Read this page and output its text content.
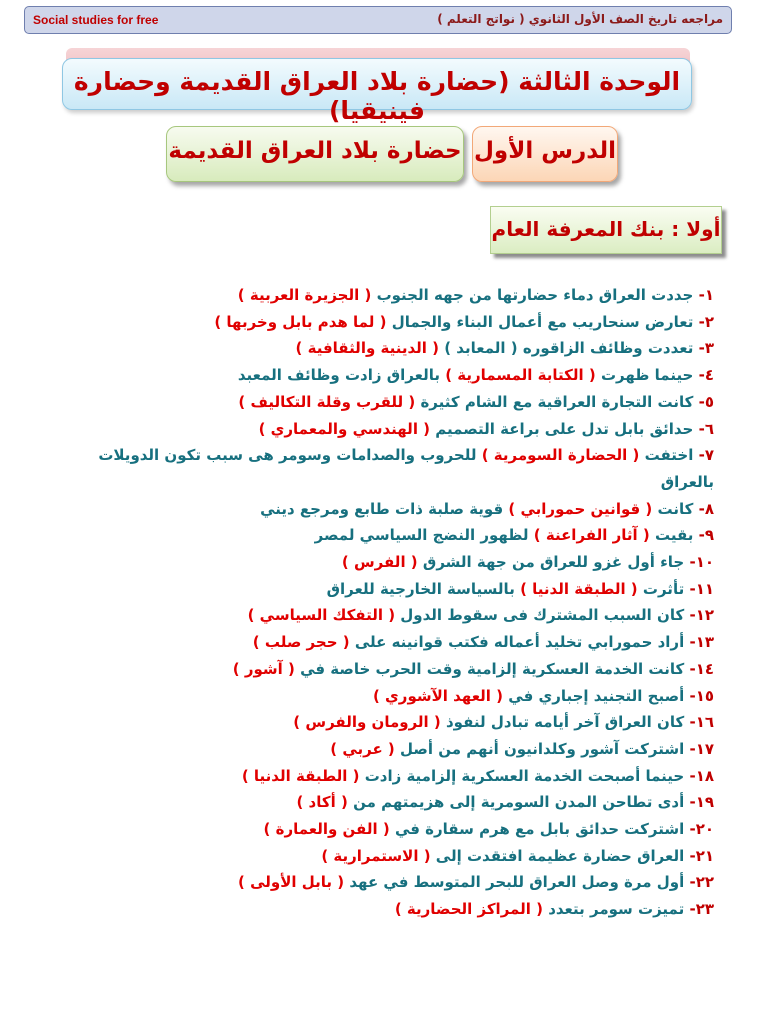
Social studies for free	مراجعه تاريخ الصف الأول الثانوي ( نواتج التعلم )
الوحدة الثالثة (حضارة بلاد العراق القديمة وحضارة فينيقيا)
الدرس الأول
حضارة بلاد العراق القديمة
أولا : بنك المعرفة العام
١- جددت العراق دماء حضارتها من جهه الجنوب ( الجزيرة العربية )
٢- تعارض سنحاريب مع أعمال البناء والجمال ( لما هدم بابل وخربها )
٣- تعددت وظائف الزاقوره ( المعابد ) ( الدينية والثقافية )
٤- حينما ظهرت ( الكتابة المسمارية ) بالعراق زادت وظائف المعبد
٥- كانت التجارة العراقية مع الشام كثيرة ( للقرب وقلة التكاليف )
٦- حدائق بابل تدل على براعة التصميم ( الهندسي والمعماري )
٧- اختفت ( الحضارة السومرية ) للحروب والصدامات وسومر هى سبب تكون الدويلات بالعراق
٨- كانت ( قوانين حمورابي ) قوية صلبة ذات طابع ومرجع ديني
٩- بقيت ( آثار الفراعنة ) لظهور النضج السياسي لمصر
١٠- جاء أول غزو للعراق من جهة الشرق ( الفرس )
١١- تأثرت ( الطبقة الدنيا ) بالسياسة الخارجية للعراق
١٢- كان السبب المشترك فى سقوط الدول ( التفكك السياسي )
١٣- أراد حمورابي تخليد أعماله فكتب قوانينه على ( حجر صلب )
١٤- كانت الخدمة العسكرية إلزامية وقت الحرب خاصة في ( آشور )
١٥- أصبح التجنيد إجباري في ( العهد الآشوري )
١٦- كان العراق آخر أيامه تبادل لنفوذ ( الرومان والفرس )
١٧- اشتركت آشور وكلدانيون أنهم من أصل ( عربي )
١٨- حينما أصبحت الخدمة العسكرية إلزامية زادت ( الطبقة الدنيا )
١٩- أدى تطاحن المدن السومرية إلى هزيمتهم من ( أكاد )
٢٠- اشتركت حدائق بابل مع هرم سقارة في ( الفن والعمارة )
٢١- العراق حضارة عظيمة افتقدت إلى ( الاستمرارية )
٢٢- أول مرة وصل العراق للبحر المتوسط في عهد ( بابل الأولى )
٢٣- تميزت سومر بتعدد ( المراكز الحضارية )
